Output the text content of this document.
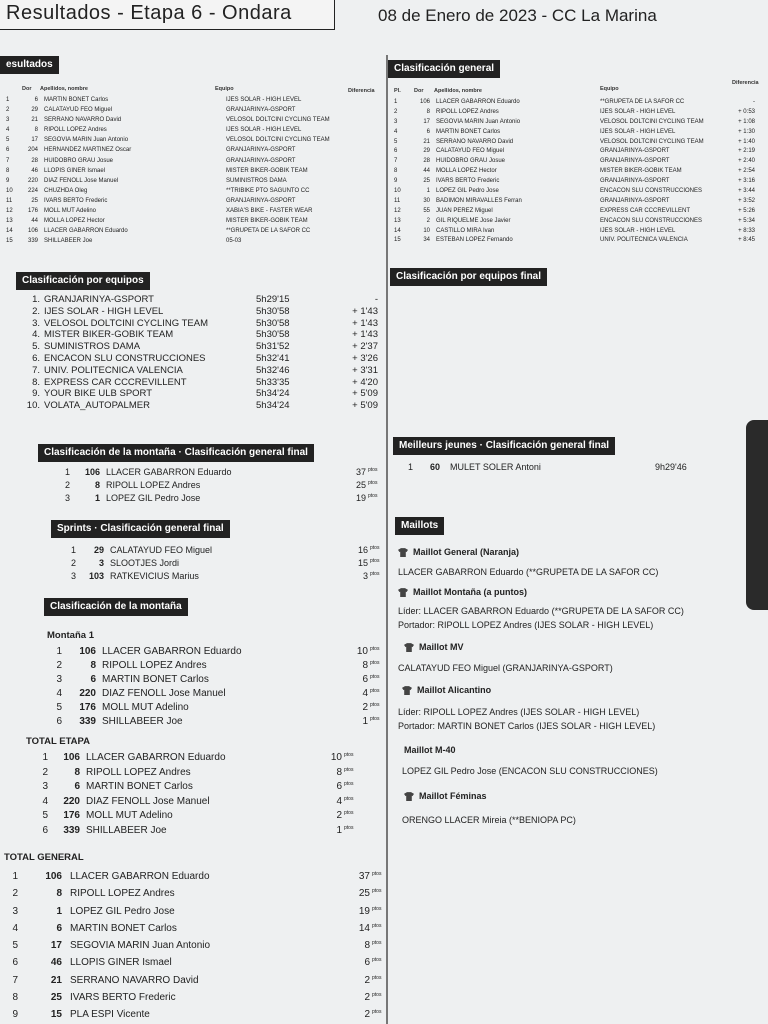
Resultados - Etapa 6 - Ondara	08 de Enero de 2023 - CC La Marina
esultados
Dor Apellidos, nombre	Equipo	Diferencia
1	6 MARTIN BONET Carlos	IJES SOLAR - HIGH LEVEL
2	29 CALATAYUD FEO Miguel	GRANJARINYA-GSPORT
3	21 SERRANO NAVARRO David	VELOSOL DOLTCINI CYCLING TEAM
4	8 RIPOLL LOPEZ Andres	IJES SOLAR - HIGH LEVEL
5	17 SEGOVIA MARIN Juan Antonio	VELOSOL DOLTCINI CYCLING TEAM
6	204 HERNANDEZ MARTINEZ Oscar	GRANJARINYA-GSPORT
7	28 HUIDOBRO GRAU Josue	GRANJARINYA-GSPORT
8	46 LLOPIS GINER Ismael	MISTER BIKER-GOBIK TEAM
9	220 DIAZ FENOLL Jose Manuel	SUMINISTROS DAMA
10	224 CHUZHDA Oleg	**TRIBIKE PTO SAGUNTO CC
11	25 IVARS BERTO Frederic	GRANJARINYA-GSPORT
12	176 MOLL MUT Adelino	XABIA'S BIKE - FASTER WEAR
13	44 MOLLA LOPEZ Hector	MISTER BIKER-GOBIK TEAM
14	106 LLACER GABARRON Eduardo	**GRUPETA DE LA SAFOR CC
15	339 SHILLABEER Joe	05-03
Clasificación general
Pl. Dor Apellidos, nombre	Equipo
Diferencia
1	106 LLACER GABARRON Eduardo	**GRUPETA DE LA SAFOR CC	-
2	8 RIPOLL LOPEZ Andres	IJES SOLAR - HIGH LEVEL	+ 0:53
3	17 SEGOVIA MARIN Juan Antonio	VELOSOL DOLTCINI CYCLING TEAM	+ 1:08
4	6 MARTIN BONET Carlos	IJES SOLAR - HIGH LEVEL	+ 1:30
5	21 SERRANO NAVARRO David	VELOSOL DOLTCINI CYCLING TEAM	+ 1:40
6	29 CALATAYUD FEO Miguel	GRANJARINYA-GSPORT	+ 2:19
7	28 HUIDOBRO GRAU Josue	GRANJARINYA-GSPORT	+ 2:40
8	44 MOLLA LOPEZ Hector	MISTER BIKER-GOBIK TEAM	+ 2:54
9	25 IVARS BERTO Frederic	GRANJARINYA-GSPORT	+ 3:16
10	1 LOPEZ GIL Pedro Jose	ENCACON SLU CONSTRUCCIONES	+ 3:44
11	30 BADIMON MIRAVALLES Ferran	GRANJARINYA-GSPORT	+ 3:52
12	55 JUAN PEREZ Miguel	EXPRESS CAR CCCREVILLENT	+ 5:26
13	2 GIL RIQUELME Jose Javier	ENCACON SLU CONSTRUCCIONES	+ 5:34
14	10 CASTILLO MIRA Ivan	IJES SOLAR - HIGH LEVEL	+ 8:33
15	34 ESTEBAN LOPEZ Fernando	UNIV. POLITECNICA VALENCIA	+ 8:45
Clasificación por equipos
1. GRANJARINYA-GSPORT	5h29'15	-
2. IJES SOLAR - HIGH LEVEL	5h30'58	+ 1'43
3. VELOSOL DOLTCINI CYCLING TEAM	5h30'58	+ 1'43
4. MISTER BIKER-GOBIK TEAM	5h30'58	+ 1'43
5. SUMINISTROS DAMA	5h31'52	+ 2'37
6. ENCACON SLU CONSTRUCCIONES	5h32'41	+ 3'26
7. UNIV. POLITECNICA VALENCIA	5h32'46	+ 3'31
8. EXPRESS CAR CCCREVILLENT	5h33'35	+ 4'20
9. YOUR BIKE ULB SPORT	5h34'24	+ 5'09
10. VOLATA_AUTOPALMER	5h34'24	+ 5'09
Clasificación por equipos final
Clasificación de la montaña · Clasificación general final
1	106 LLACER GABARRON Eduardo	37 ptos
2	8 RIPOLL LOPEZ Andres	25 ptos
3	1 LOPEZ GIL Pedro Jose	19 ptos
Meilleurs jeunes · Clasificación general final
1 60 MULET SOLER Antoni	9h29'46
Sprints · Clasificación general final
1	29 CALATAYUD FEO Miguel	16 ptos
2	3 SLOOTJES Jordi	15 ptos
3	103 RATKEVICIUS Marius	3 ptos
Clasificación de la montaña
Montaña 1
1	106 LLACER GABARRON Eduardo	10 ptos
2	8 RIPOLL LOPEZ Andres	8 ptos
3	6 MARTIN BONET Carlos	6 ptos
4	220 DIAZ FENOLL Jose Manuel	4 ptos
5	176 MOLL MUT Adelino	2 ptos
6	339 SHILLABEER Joe	1 ptos
TOTAL ETAPA
1	106 LLACER GABARRON Eduardo	10 ptos
2	8 RIPOLL LOPEZ Andres	8 ptos
3	6 MARTIN BONET Carlos	6 ptos
4	220 DIAZ FENOLL Jose Manuel	4 ptos
5	176 MOLL MUT Adelino	2 ptos
6	339 SHILLABEER Joe	1 ptos
TOTAL GENERAL
1	106 LLACER GABARRON Eduardo	37 ptos
2	8 RIPOLL LOPEZ Andres	25 ptos
3	1 LOPEZ GIL Pedro Jose	19 ptos
4	6 MARTIN BONET Carlos	14 ptos
5	17 SEGOVIA MARIN Juan Antonio	8 ptos
6	46 LLOPIS GINER Ismael	6 ptos
7	21 SERRANO NAVARRO David	2 ptos
8	25 IVARS BERTO Frederic	2 ptos
9	15 PLA ESPI Vicente	2 ptos
Maillots
Maillot General (Naranja)
LLACER GABARRON Eduardo (**GRUPETA DE LA SAFOR CC)
Maillot Montaña (a puntos)
Líder: LLACER GABARRON Eduardo (**GRUPETA DE LA SAFOR CC)
Portador: RIPOLL LOPEZ Andres (IJES SOLAR - HIGH LEVEL)
Maillot MV
CALATAYUD FEO Miguel (GRANJARINYA-GSPORT)
Maillot Alicantino
Líder: RIPOLL LOPEZ Andres (IJES SOLAR - HIGH LEVEL)
Portador: MARTIN BONET Carlos (IJES SOLAR - HIGH LEVEL)
Maillot M-40
LOPEZ GIL Pedro Jose (ENCACON SLU CONSTRUCCIONES)
Maillot Féminas
ORENGO LLACER Mireia (**BENIOPA PC)
